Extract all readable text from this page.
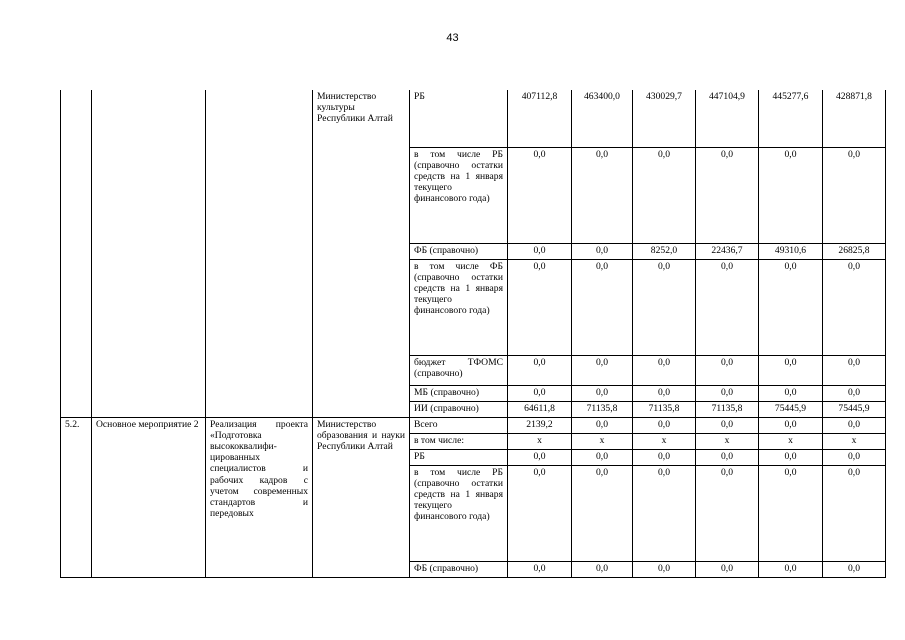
43
			Министерство культуры Республики Алтай	РБ	407112,8	463400,0	430029,7	447104,9	445277,6	428871,8
				в том числе РБ (справочно остатки средств на 1 января текущего финансового года)	0,0	0,0	0,0	0,0	0,0	0,0
				ФБ (справочно)	0,0	0,0	8252,0	22436,7	49310,6	26825,8
				в том числе ФБ (справочно остатки средств на 1 января текущего финансового года)	0,0	0,0	0,0	0,0	0,0	0,0
				бюджет ТФОМС (справочно)	0,0	0,0	0,0	0,0	0,0	0,0
				МБ (справочно)	0,0	0,0	0,0	0,0	0,0	0,0
				ИИ (справочно)	64611,8	71135,8	71135,8	71135,8	75445,9	75445,9
5.2.	Основное мероприятие 2	Реализация проекта «Подготовка высококвалифи-цированных специалистов и рабочих кадров с учетом современных стандартов и передовых	Министерство образования и науки Республики Алтай	Всего	2139,2	0,0	0,0	0,0	0,0	0,0
				в том числе:	x	x	x	x	x	x
				РБ	0,0	0,0	0,0	0,0	0,0	0,0
				в том числе РБ (справочно остатки средств на 1 января текущего финансового года)	0,0	0,0	0,0	0,0	0,0	0,0
				ФБ (справочно)	0,0	0,0	0,0	0,0	0,0	0,0
